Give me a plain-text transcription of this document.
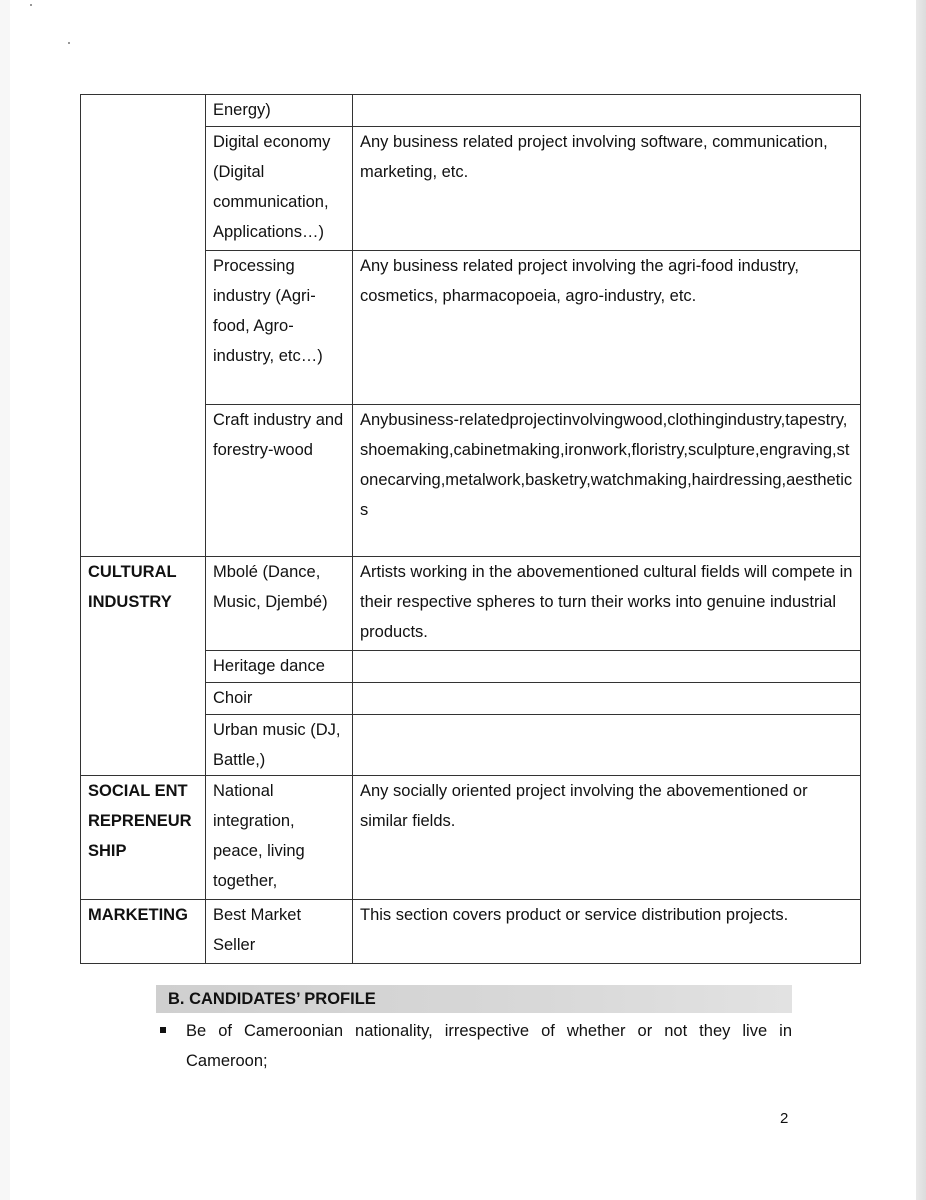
	Energy)	
	Digital economy (Digital communication, Applications…)	Any business related project involving software, communication, marketing, etc.
	Processing industry (Agri-food, Agro-industry, etc…)	Any business related project involving the agri-food industry, cosmetics, pharmacopoeia, agro-industry, etc.
	Craft industry and forestry-wood	Anybusiness-relatedprojectinvolvingwood,clothingindustry,tapestry,shoemaking,cabinetmaking,ironwork,floristry,sculpture,engraving,stonecarving,metalwork,basketry,watchmaking,hairdressing,aesthetics
CULTURAL INDUSTRY	Mbolé (Dance, Music, Djembé)	Artists working in the abovementioned cultural fields will compete in their respective spheres to turn their works into genuine industrial products.
	Heritage dance	
	Choir	
	Urban music (DJ, Battle,)	
SOCIAL ENTREPRENEURSHIP	National integration, peace, living together,	Any socially oriented project involving the abovementioned or similar fields.
MARKETING	Best Market Seller	This section covers product or service distribution projects.
B. CANDIDATES’ PROFILE
Be of Cameroonian nationality, irrespective of whether or not they live in Cameroon;
2
